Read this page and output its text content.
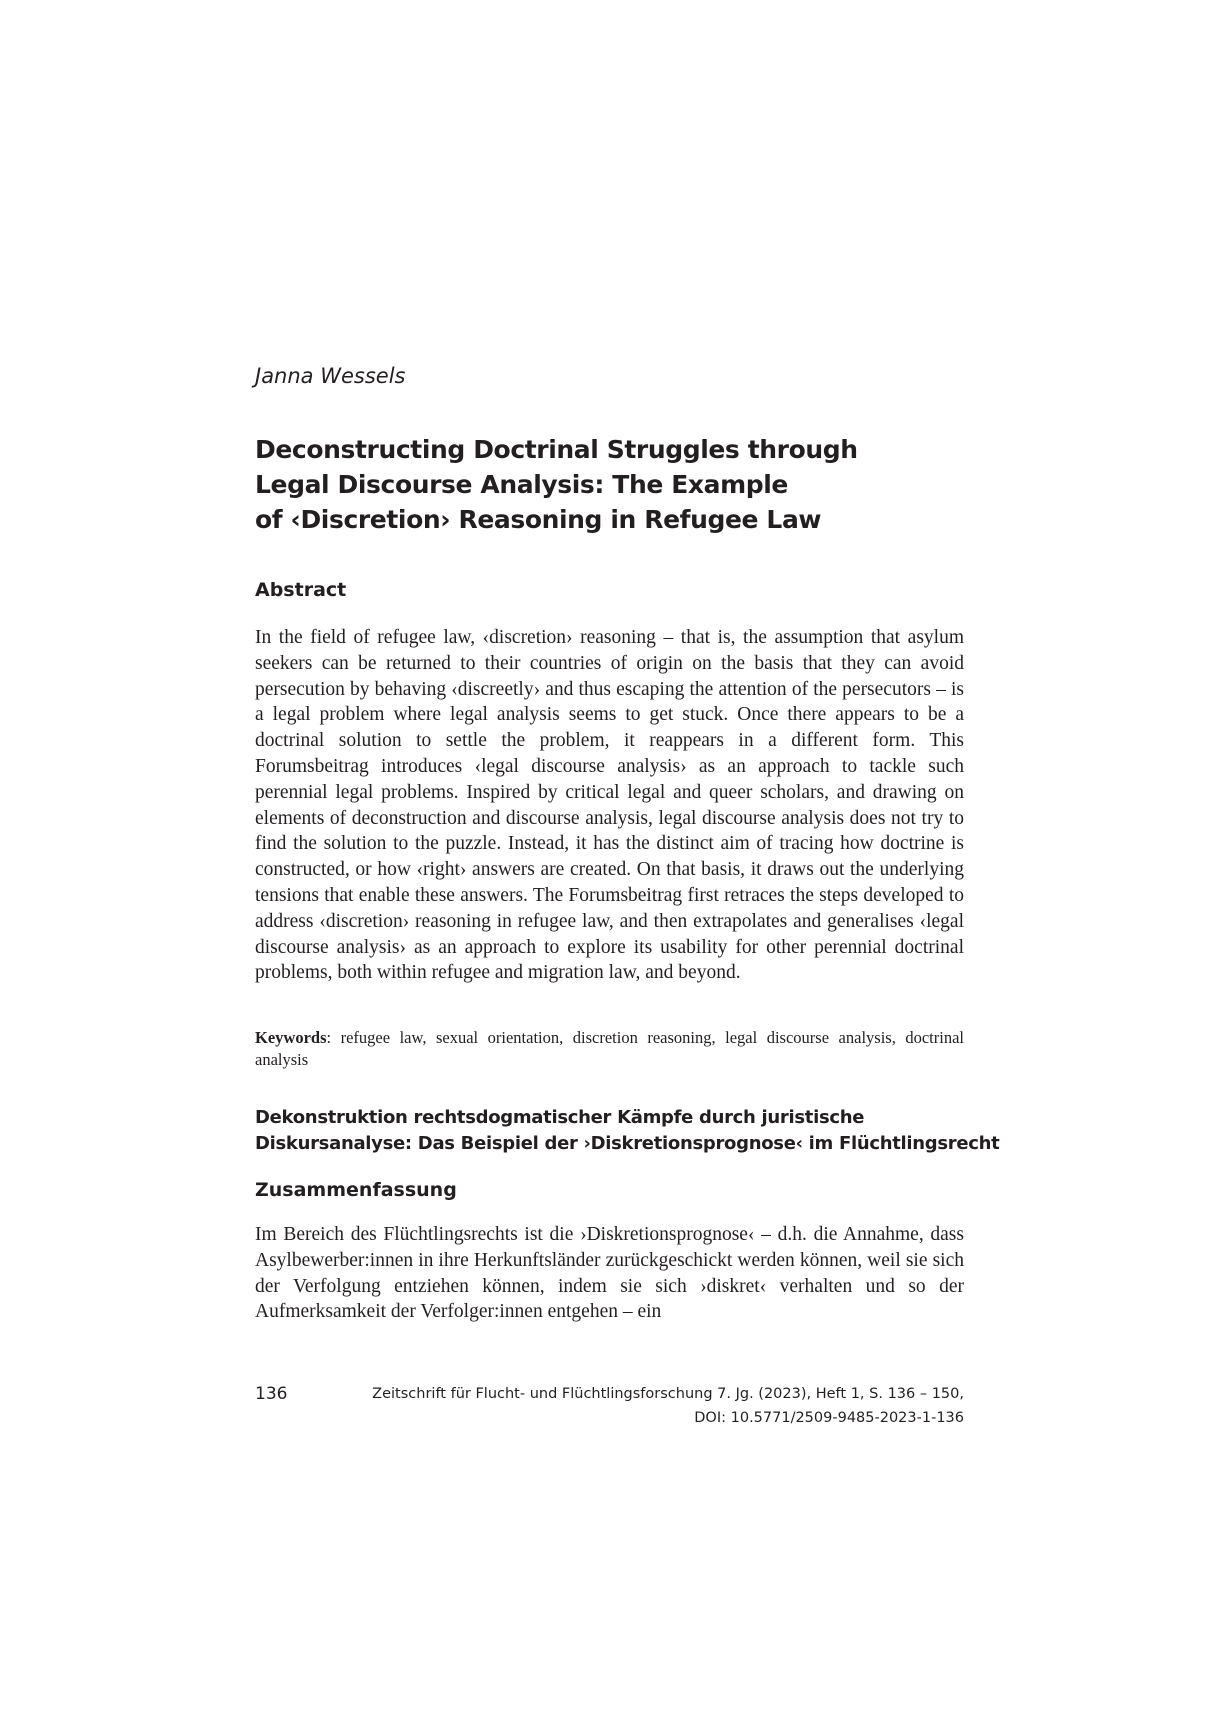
Janna Wessels

Deconstructing Doctrinal Struggles through
Legal Discourse Analysis: The Example
of ‹Discretion› Reasoning in Refugee Law
Abstract

In the field of refugee law, ‹discretion› reasoning – that is, the assumption that asylum seekers can be returned to their countries of origin on the basis that they can avoid persecution by behaving ‹discreetly› and thus escaping the attention of the persecutors – is a legal problem where legal analysis seems to get stuck. Once there appears to be a doctrinal solution to settle the problem, it reappears in a different form. This Forumsbeitrag introduces ‹legal discourse analysis› as an approach to tackle such perennial legal problems. Inspired by critical legal and queer scholars, and drawing on elements of deconstruction and discourse analysis, legal discourse analysis does not try to find the solution to the puzzle. Instead, it has the distinct aim of tracing how doctrine is constructed, or how ‹right› answers are created. On that basis, it draws out the underlying tensions that enable these answers. The Forumsbeitrag first retraces the steps developed to address ‹discretion› reasoning in refugee law, and then extrapolates and generalises ‹legal discourse analysis› as an approach to explore its usability for other perennial doctrinal problems, both within refugee and migration law, and beyond.

Keywords: refugee law, sexual orientation, discretion reasoning, legal discourse analysis, doctrinal analysis

Dekonstruktion rechtsdogmatischer Kämpfe durch juristische
Diskursanalyse: Das Beispiel der ›Diskretionsprognose‹ im Flüchtlingsrecht
Zusammenfassung

Im Bereich des Flüchtlingsrechts ist die ›Diskretionsprognose‹ – d.h. die Annahme, dass Asylbewerber:innen in ihre Herkunftsländer zurückgeschickt werden können, weil sie sich der Verfolgung entziehen können, indem sie sich ›diskret‹ verhalten und so der Aufmerksamkeit der Verfolger:innen entgehen – ein

136	Zeitschrift für Flucht- und Flüchtlingsforschung 7. Jg. (2023), Heft 1, S. 136 – 150,
DOI: 10.5771/2509-9485-2023-1-136
